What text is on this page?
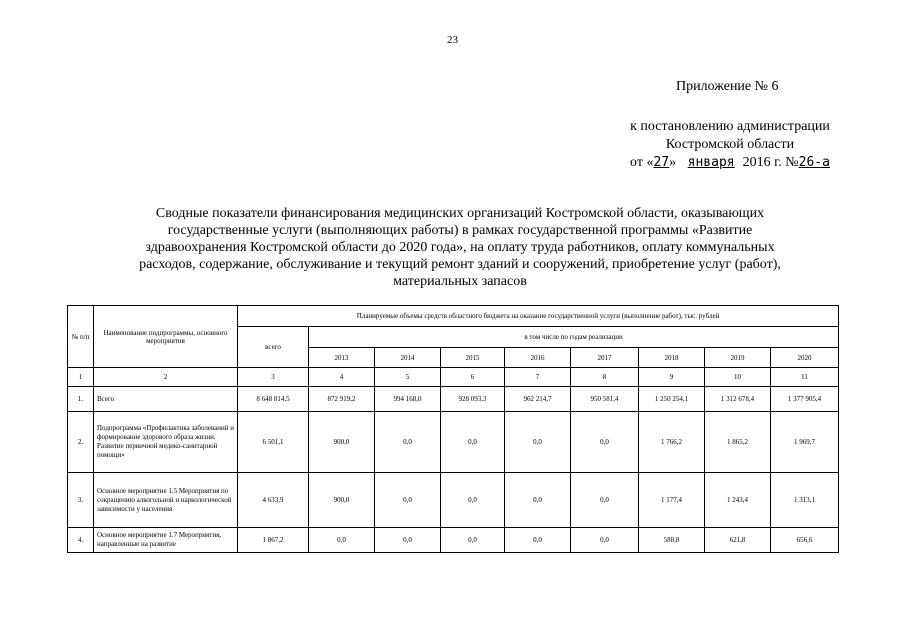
23
Приложение № 6
к постановлению администрации
Костромской области
от «27» января 2016 г. №26-а
Сводные показатели финансирования медицинских организаций Костромской области, оказывающих государственные услуги (выполняющих работы) в рамках государственной программы «Развитие здравоохранения Костромской области до 2020 года», на оплату труда работников, оплату коммунальных расходов, содержание, обслуживание и текущий ремонт зданий и сооружений, приобретение услуг (работ), материальных запасов
№ п/п	Наименование подпрограммы, основного мероприятия	Планируемые объемы средств областного бюджета на оказание государственной услуги (выполнение работ), тыс. рублей								
		всего	в том числе по годам реализации							
			2013	2014	2015	2016	2017	2018	2019	2020
1	2	3	4	5	6	7	8	9	10	11
1.	Всего	8 648 814,5	872 919,2	994 168,0	928 093,3	962 214,7	950 581,4	1 250 254,1	1 312 678,4	1 377 905,4
2.	Подпрограмма «Профилактика заболеваний и формирование здорового образа жизни. Развитие первичной медико-санитарной помощи»	6 501,1	900,0	0,0	0,0	0,0	0,0	1 766,2	1 865,2	1 969,7
3.	Основное мероприятие 1.5 Мероприятия по сокращению алкогольной и наркологической зависимости у населения	4 633,9	900,0	0,0	0,0	0,0	0,0	1 177,4	1 243,4	1 313,1
4.	Основное мероприятие 1.7 Мероприятия, направленные на развитие	1 867,2	0,0	0,0	0,0	0,0	0,0	588,8	621,8	656,6
